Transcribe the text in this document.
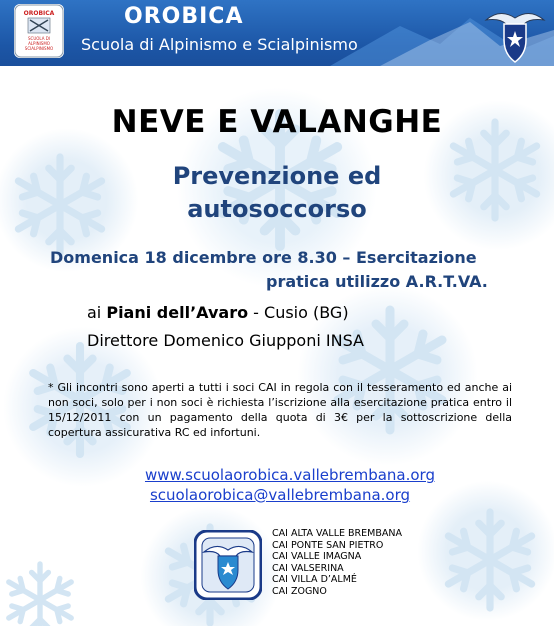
OROBICA
SCUOLA DI
ALPINISMO
SCIALPINISMO
OROBICA
Scuola di Alpinismo e Scialpinismo
NEVE E VALANGHE
Prevenzione ed
autosoccorso
Domenica 18 dicembre ore 8.30 – Esercitazione
pratica utilizzo A.R.T.VA.
ai Piani dell’Avaro - Cusio (BG)
Direttore Domenico Giupponi INSA
* Gli incontri sono aperti a tutti i soci CAI in regola con il tesseramento ed anche ai non soci, solo per i non soci è richiesta l’iscrizione alla esercitazione pratica entro il 15/12/2011 con un pagamento della quota di 3€ per la sottoscrizione della copertura assicurativa RC ed infortuni.
www.scuolaorobica.vallebrembana.org
scuolaorobica@vallebrembana.org
CAI ALTA VALLE BREMBANA
CAI PONTE SAN PIETRO
CAI VALLE IMAGNA
CAI VALSERINA
CAI VILLA D’ALMÉ
CAI ZOGNO
